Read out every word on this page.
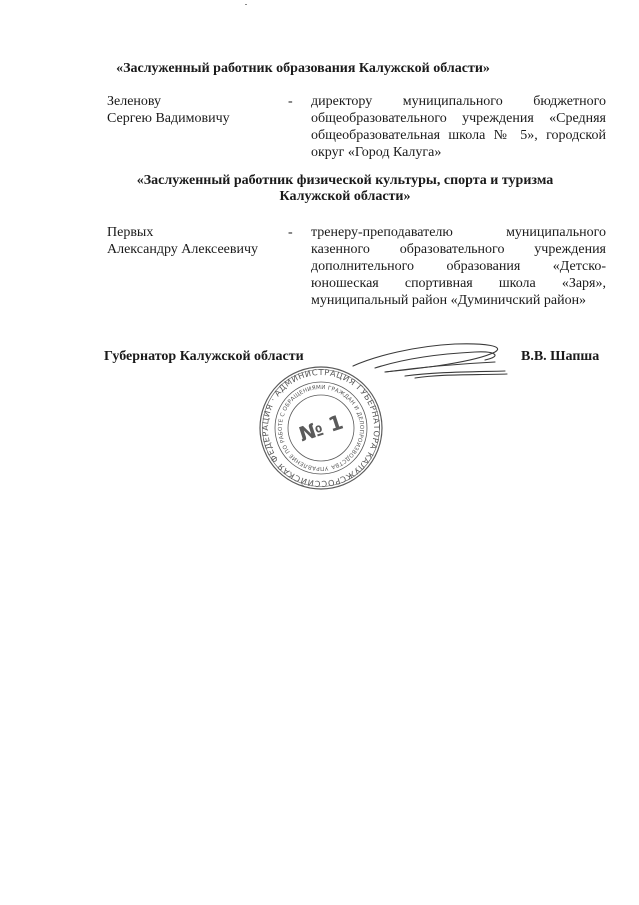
«Заслуженный работник образования Калужской области»
Зеленову
Сергею Вадимовичу
- директору муниципального бюджетного общеобразовательного учреждения «Средняя общеобразовательная школа № 5», городской округ «Город Калуга»
«Заслуженный работник физической культуры, спорта и туризма Калужской области»
Первых
Александру Алексеевичу
- тренеру-преподавателю муниципального казенного образовательного учреждения дополнительного образования «Детско-юношеская спортивная школа «Заря», муниципальный район «Думиничский район»
Губернатор Калужской области	В.В. Шапша
РОССИЙСКАЯ ФЕДЕРАЦИЯ · АДМИНИСТРАЦИЯ ГУБЕРНАТОРА КАЛУЖСКОЙ
УПРАВЛЕНИЕ ПО РАБОТЕ С ОБРАЩЕНИЯМИ ГРАЖДАН И ДЕЛОПРОИЗВОДСТВА
№ 1
